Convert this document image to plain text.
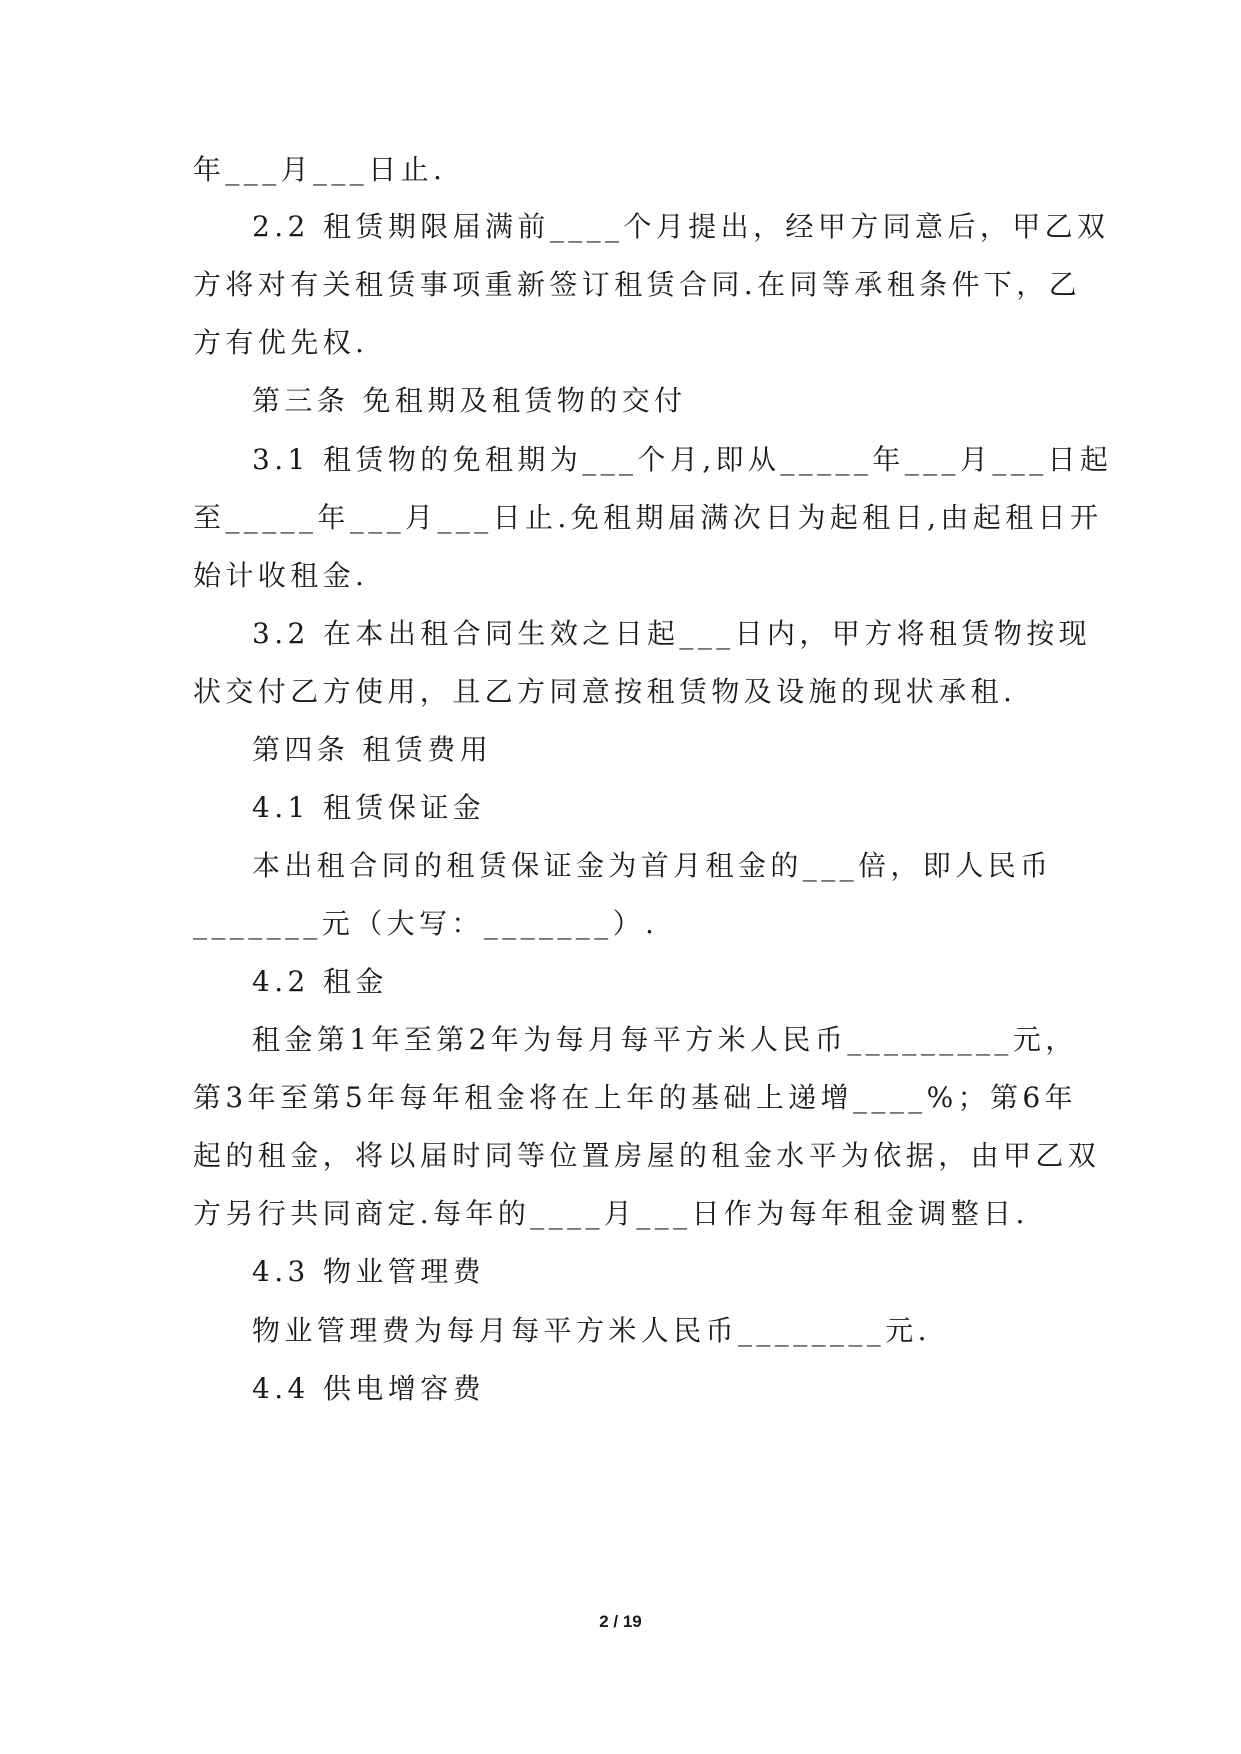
年___月___日止.
2.2 租赁期限届满前____个月提出，经甲方同意后，甲乙双
方将对有关租赁事项重新签订租赁合同.在同等承租条件下，乙
方有优先权.
第三条 免租期及租赁物的交付
3.1 租赁物的免租期为___个月,即从_____年___月___日起
至_____年___月___日止.免租期届满次日为起租日,由起租日开
始计收租金.
3.2 在本出租合同生效之日起___日内，甲方将租赁物按现
状交付乙方使用，且乙方同意按租赁物及设施的现状承租.
第四条 租赁费用
4.1 租赁保证金
本出租合同的租赁保证金为首月租金的___倍，即人民币
_______元（大写：_______）.
4.2 租金
租金第1年至第2年为每月每平方米人民币_________元，
第3年至第5年每年租金将在上年的基础上递增____%；第6年
起的租金，将以届时同等位置房屋的租金水平为依据，由甲乙双
方另行共同商定.每年的____月___日作为每年租金调整日.
4.3 物业管理费
物业管理费为每月每平方米人民币________元.
4.4 供电增容费
2 / 19
